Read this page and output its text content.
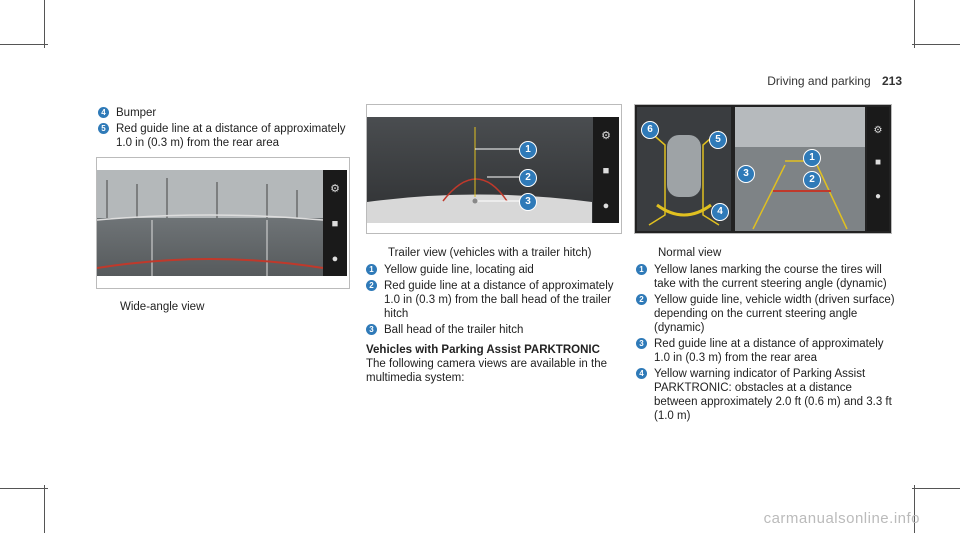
Driving and parking 213
4 Bumper
5 Red guide line at a distance of approximately 1.0 in (0.3 m) from the rear area
⚙
■
●
Wide-angle view
⚙
■
●
1
2
3
Trailer view (vehicles with a trailer hitch)
1 Yellow guide line, locating aid
2 Red guide line at a distance of approximately 1.0 in (0.3 m) from the ball head of the trailer hitch
3 Ball head of the trailer hitch
Vehicles with Parking Assist PARKTRONIC
The following camera views are available in the multimedia system:
⚙
■
●
6
5
4
1
2
3
Normal view
1 Yellow lanes marking the course the tires will take with the current steering angle (dynamic)
2 Yellow guide line, vehicle width (driven surface) depending on the current steering angle (dynamic)
3 Red guide line at a distance of approximately 1.0 in (0.3 m) from the rear area
4 Yellow warning indicator of Parking Assist PARKTRONIC: obstacles at a distance between approximately 2.0 ft (0.6 m) and 3.3 ft (1.0 m)
carmanualsonline.info
